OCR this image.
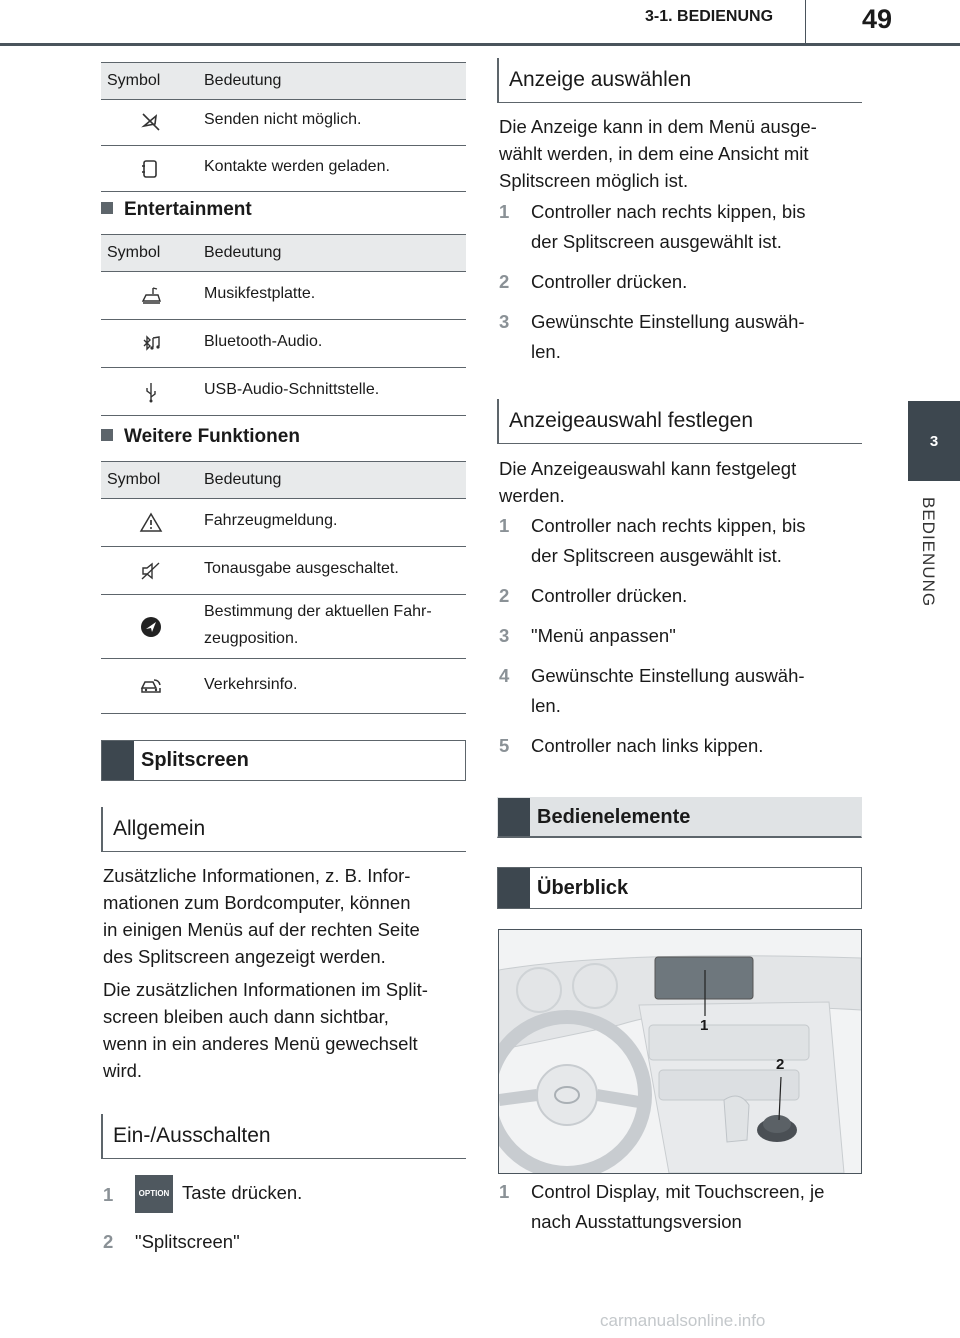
3-1. BEDIENUNG	49
3
BEDIENUNG
Symbol	Bedeutung
Senden nicht möglich.
Kontakte werden geladen.
Entertainment
Symbol	Bedeutung
Musikfestplatte.
Bluetooth-Audio.
USB-Audio-Schnittstelle.
Weitere Funktionen
Symbol	Bedeutung
Fahrzeugmeldung.
Tonausgabe ausgeschaltet.
Bestimmung der aktuellen Fahr-
zeugposition.
Verkehrsinfo.
Splitscreen
Allgemein
Zusätzliche Informationen, z. B. Infor-
mationen zum Bordcomputer, können
in einigen Menüs auf der rechten Seite
des Splitscreen angezeigt werden.
Die zusätzlichen Informationen im Split-
screen bleiben auch dann sichtbar,
wenn in ein anderes Menü gewechselt
wird.
Ein-/Ausschalten
1	OPTION Taste drücken.
2 "Splitscreen"
Anzeige auswählen
Die Anzeige kann in dem Menü ausge-
wählt werden, in dem eine Ansicht mit
Splitscreen möglich ist.
1 Controller nach rechts kippen, bis
der Splitscreen ausgewählt ist.
2 Controller drücken.
3 Gewünschte Einstellung auswäh-
len.
Anzeigeauswahl festlegen
Die Anzeigeauswahl kann festgelegt
werden.
1 Controller nach rechts kippen, bis
der Splitscreen ausgewählt ist.
2 Controller drücken.
3 "Menü anpassen"
4 Gewünschte Einstellung auswäh-
len.
5 Controller nach links kippen.
Bedienelemente
Überblick
1
2
1 Control Display, mit Touchscreen, je
nach Ausstattungsversion
carmanualsonline.info
